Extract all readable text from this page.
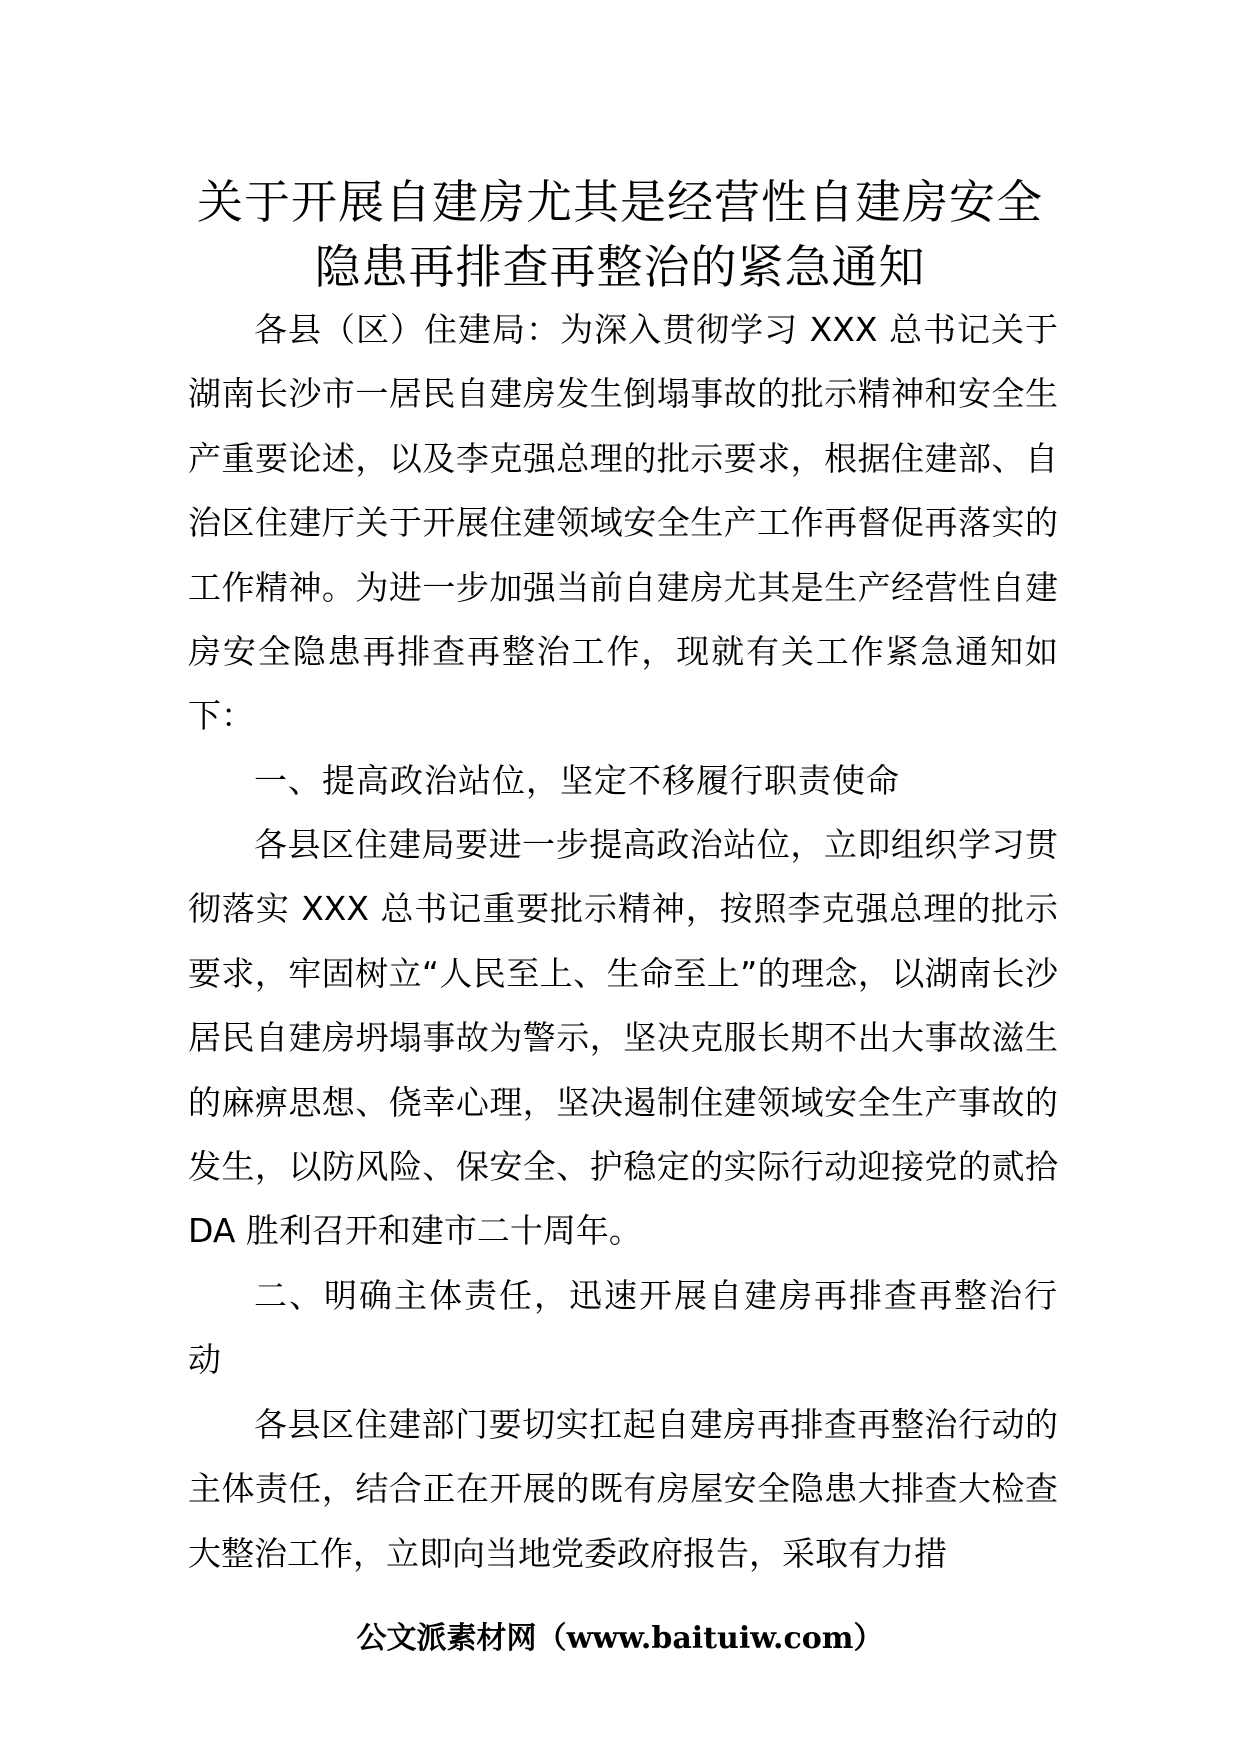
关于开展自建房尤其是经营性自建房安全
隐患再排查再整治的紧急通知

各县（区）住建局：为深入贯彻学习 XXX 总书记关于湖南长沙市一居民自建房发生倒塌事故的批示精神和安全生产重要论述，以及李克强总理的批示要求，根据住建部、自治区住建厅关于开展住建领域安全生产工作再督促再落实的工作精神。为进一步加强当前自建房尤其是生产经营性自建房安全隐患再排查再整治工作，现就有关工作紧急通知如下：

一、提高政治站位，坚定不移履行职责使命

各县区住建局要进一步提高政治站位，立即组织学习贯彻落实 XXX 总书记重要批示精神，按照李克强总理的批示要求，牢固树立“人民至上、生命至上”的理念，以湖南长沙居民自建房坍塌事故为警示，坚决克服长期不出大事故滋生的麻痹思想、侥幸心理，坚决遏制住建领域安全生产事故的发生，以防风险、保安全、护稳定的实际行动迎接党的贰拾 DA 胜利召开和建市二十周年。

二、明确主体责任，迅速开展自建房再排查再整治行动

各县区住建部门要切实扛起自建房再排查再整治行动的主体责任，结合正在开展的既有房屋安全隐患大排查大检查大整治工作，立即向当地党委政府报告，采取有力措

公文派素材网（www.baituiw.com）
